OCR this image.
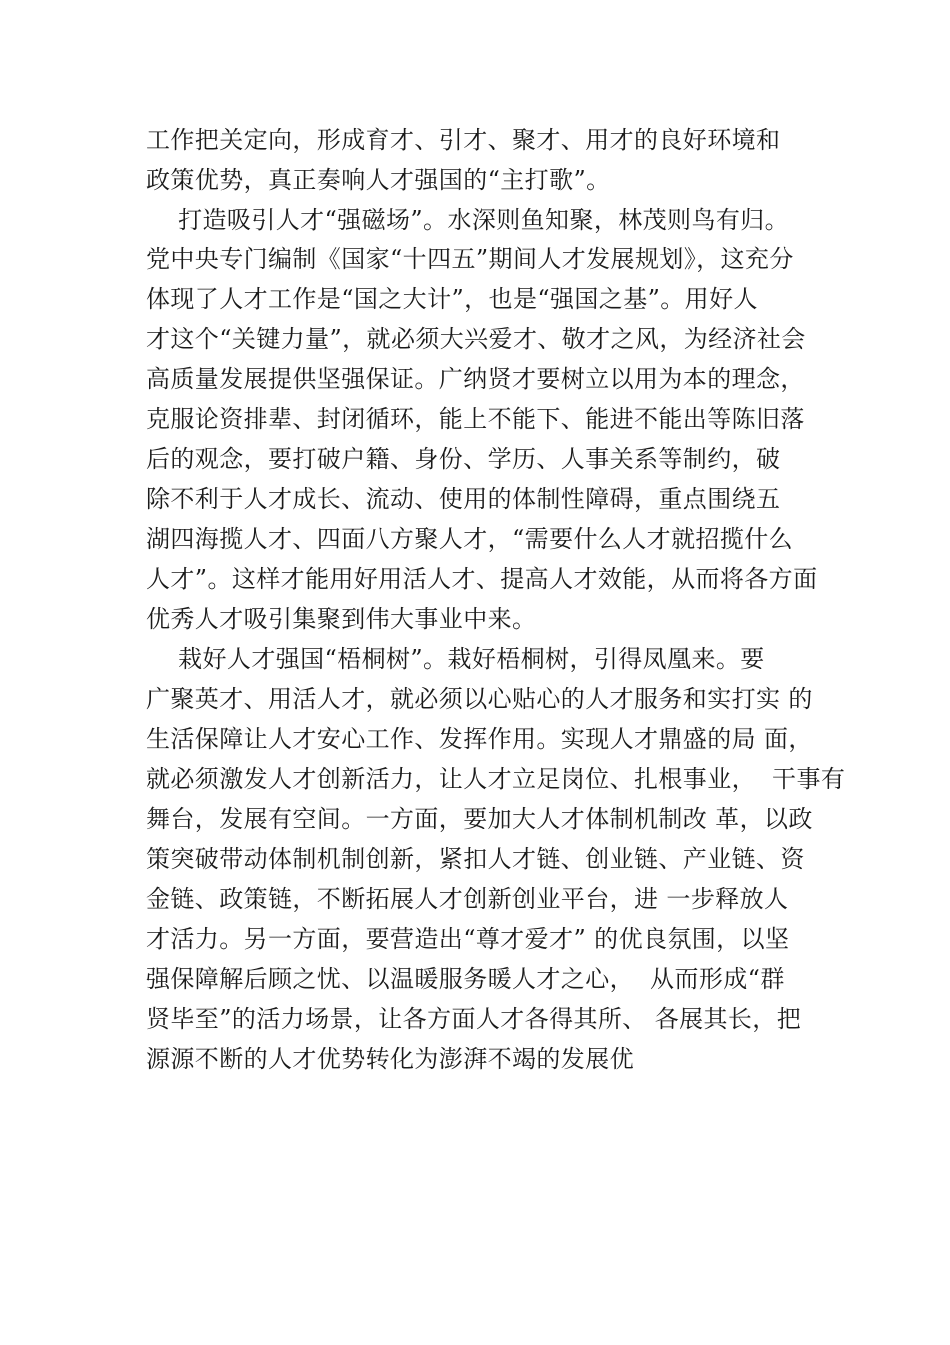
工作把关定向，形成育才、引才、聚才、用才的良好环境和
政策优势，真正奏响人才强国的“主打歌”。
打造吸引人才“强磁场”。水深则鱼知聚，林茂则鸟有归。
党中央专门编制《国家“十四五”期间人才发展规划》，这充分
体现了人才工作是“国之大计”，也是“强国之基”。用好人
才这个“关键力量”，就必须大兴爱才、敬才之风，为经济社会
高质量发展提供坚强保证。广纳贤才要树立以用为本的理念，
克服论资排辈、封闭循环，能上不能下、能进不能出等陈旧落
后的观念，要打破户籍、身份、学历、人事关系等制约，破
除不利于人才成长、流动、使用的体制性障碍，重点围绕五
湖四海揽人才、四面八方聚人才，“需要什么人才就招揽什么
人才”。这样才能用好用活人才、提高人才效能，从而将各方面
优秀人才吸引集聚到伟大事业中来。
栽好人才强国“梧桐树”。栽好梧桐树，引得凤凰来。要
广聚英才、用活人才，就必须以心贴心的人才服务和实打实 的
生活保障让人才安心工作、发挥作用。实现人才鼎盛的局 面，
就必须激发人才创新活力，让人才立足岗位、扎根事业，  干事有
舞台，发展有空间。一方面，要加大人才体制机制改 革，以政
策突破带动体制机制创新，紧扣人才链、创业链、产业链、资
金链、政策链，不断拓展人才创新创业平台，进 一步释放人
才活力。另一方面，要营造出“尊才爱才” 的优良氛围，以坚
强保障解后顾之忧、以温暖服务暖人才之心，  从而形成“群
贤毕至”的活力场景，让各方面人才各得其所、 各展其长，把
源源不断的人才优势转化为澎湃不竭的发展优
